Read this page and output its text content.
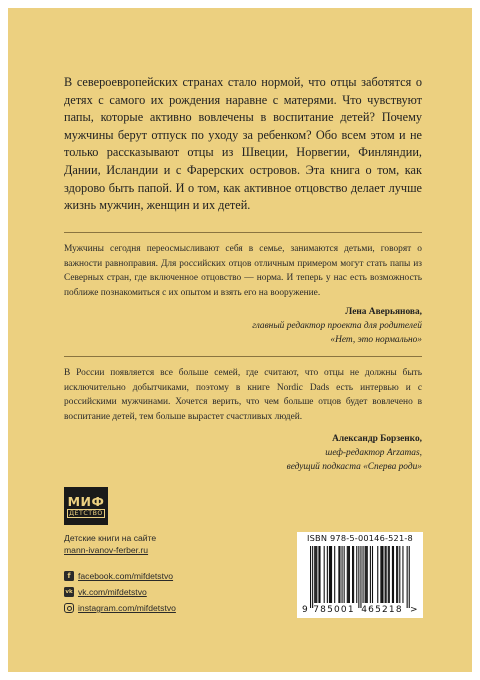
В североевропейских странах стало нормой, что отцы заботятся о детях с самого их рождения наравне с матерями. Что чувствуют папы, которые активно вовлечены в воспитание детей? Почему мужчины берут отпуск по уходу за ребенком? Обо всем этом и не только рассказывают отцы из Швеции, Норвегии, Финляндии, Дании, Исландии и с Фарерских островов. Эта книга о том, как здорово быть папой. И о том, как активное отцовство делает лучше жизнь мужчин, женщин и их детей.

Мужчины сегодня переосмысливают себя в семье, занимаются детьми, говорят о важности равноправия. Для российских отцов отличным примером могут стать папы из Северных стран, где включенное отцовство — норма. И теперь у нас есть возможность поближе познакомиться с их опытом и взять его на вооружение.

Лена Аверьянова,
главный редактор проекта для родителей
«Нет, это нормально»

В России появляется все больше семей, где считают, что отцы не должны быть исключительно добытчиками, поэтому в книге Nordic Dads есть интервью и с российскими мужчинами. Хочется верить, что чем больше отцов будет вовлечено в воспитание детей, тем больше вырастет счастливых людей.

Александр Борзенко,
шеф-редактор Arzamas,
ведущий подкаста «Сперва роди»
МИФ
ДЕТСТВО
Детские книги на сайте
mann-ivanov-ferber.ru
f facebook.com/mifdetstvo
vk vk.com/mifdetstvo
instagram.com/mifdetstvo
ISBN 978-5-00146-521-8
9 785001 465218 >
